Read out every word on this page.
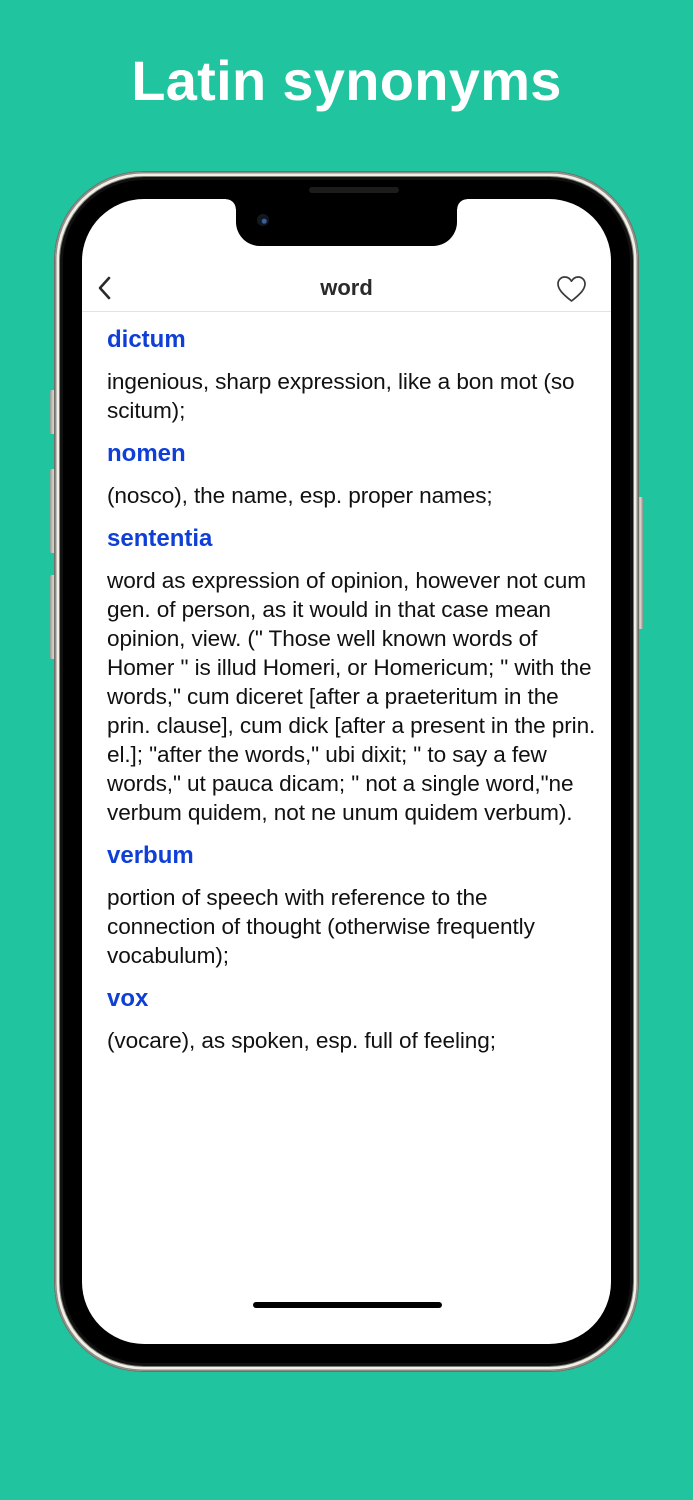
Latin synonyms
word
dictum
ingenious, sharp expression, like a bon mot (so scitum);
nomen
(nosco), the name, esp. proper names;
sententia
word as expression of opinion, however not cum gen. of person, as it would in that case mean opinion, view. (" Those well known words of Homer " is illud Homeri, or Homericum; " with the words," cum diceret [after a praeteritum in the prin. clause], cum dick [after a present in the prin. el.]; "after the words," ubi dixit; " to say a few words," ut pauca dicam; " not a single word,"ne verbum quidem, not ne unum quidem verbum).
verbum
portion of speech with reference to the connection of thought (otherwise frequently vocabulum);
vox
(vocare), as spoken, esp. full of feeling;
